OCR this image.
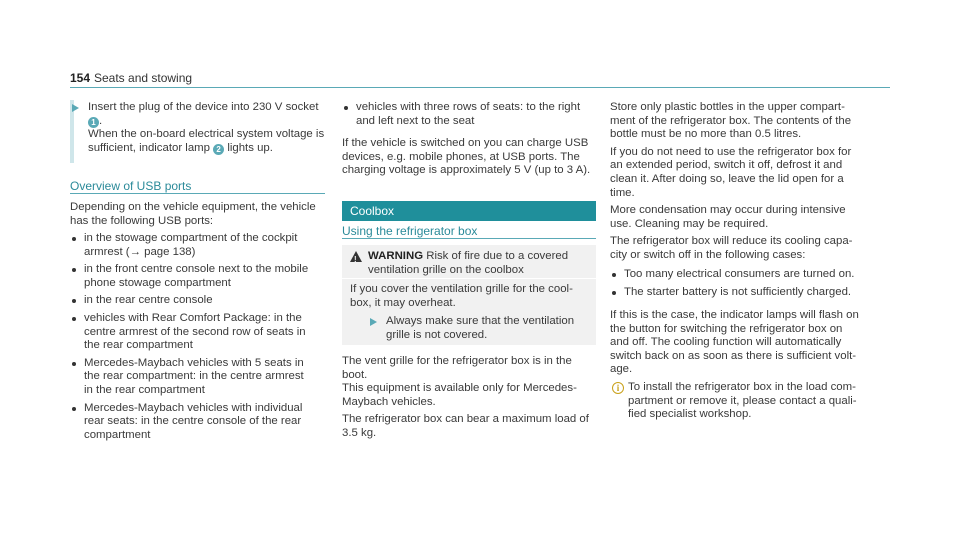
154 Seats and stowing

Insert the plug of the device into 230 V socket

1 .

When the on-board electrical system voltage is

sufficient, indicator lamp 2 lights up.

Overview of USB ports

Depending on the vehicle equipment, the vehicle

has the following USB ports:

in the stowage compartment of the cockpit

armrest (→ page 138)

in the front centre console next to the mobile

phone stowage compartment

in the rear centre console

vehicles with Rear Comfort Package: in the

centre armrest of the second row of seats in

the rear compartment

Mercedes-Maybach vehicles with 5 seats in

the rear compartment: in the centre armrest

in the rear compartment

Mercedes-Maybach vehicles with individual

rear seats: in the centre console of the rear

compartment

vehicles with three rows of seats: to the right

and left next to the seat

If the vehicle is switched on you can charge USB

devices, e.g. mobile phones, at USB ports. The

charging voltage is approximately 5 V (up to 3 A).

Coolbox
Using the refrigerator box
! WARNING Risk of fire due to a covered

ventilation grille on the coolbox

If you cover the ventilation grille for the cool-

box, it may overheat.

Always make sure that the ventilation

grille is not covered.

The vent grille for the refrigerator box is in the

boot.

This equipment is available only for Mercedes-

Maybach vehicles.

The refrigerator box can bear a maximum load of

3.5 kg.

Store only plastic bottles in the upper compart-

ment of the refrigerator box. The contents of the

bottle must be no more than 0.5 litres.

If you do not need to use the refrigerator box for

an extended period, switch it off, defrost it and

clean it. After doing so, leave the lid open for a

time.

More condensation may occur during intensive

use. Cleaning may be required.

The refrigerator box will reduce its cooling capa-

city or switch off in the following cases:

Too many electrical consumers are turned on.

The starter battery is not sufficiently charged.

If this is the case, the indicator lamps will flash on

the button for switching the refrigerator box on

and off. The cooling function will automatically

switch back on as soon as there is sufficient volt-

age.

i To install the refrigerator box in the load com-

partment or remove it, please contact a quali-

fied specialist workshop.
